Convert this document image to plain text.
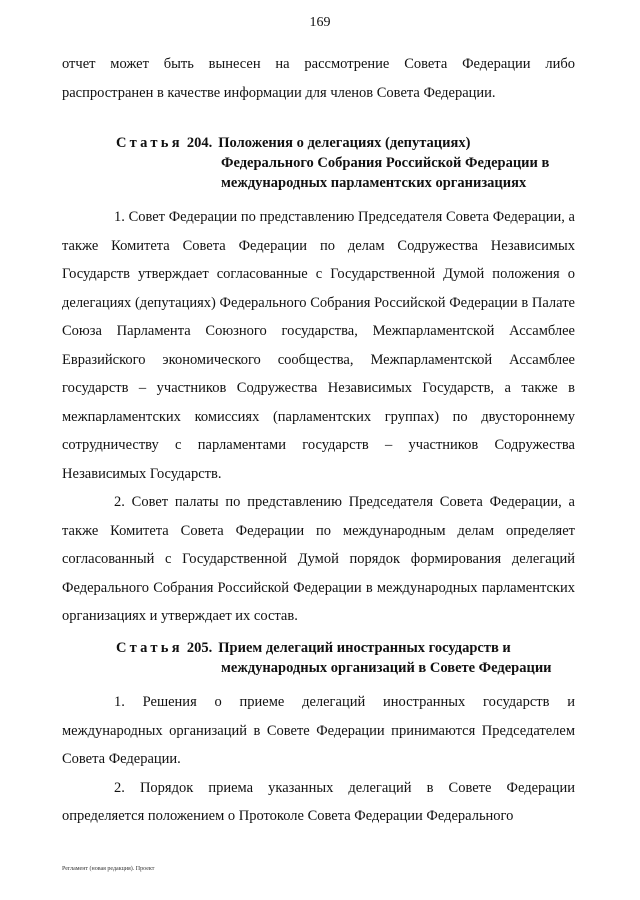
169

отчет может быть вынесен на рассмотрение Совета Федерации либо распространен в качестве информации для членов Совета Федерации.

Статья 204. Положения о делегациях (депутациях)
Федерального Собрания Российской Федерации в
международных парламентских организациях

1. Совет Федерации по представлению Председателя Совета Федерации, а также Комитета Совета Федерации по делам Содружества Независимых Государств утверждает согласованные с Государственной Думой положения о делегациях (депутациях) Федерального Собрания Российской Федерации в Палате Союза Парламента Союзного государства, Межпарламентской Ассамблее Евразийского экономического сообщества, Межпарламентской Ассамблее государств – участников Содружества Независимых Государств, а также в межпарламентских комиссиях (парламентских группах) по двустороннему сотрудничеству с парламентами государств – участников Содружества Независимых Государств.

2. Совет палаты по представлению Председателя Совета Федерации, а также Комитета Совета Федерации по международным делам определяет согласованный с Государственной Думой порядок формирования делегаций Федерального Собрания Российской Федерации в международных парламентских организациях и утверждает их состав.

Статья 205. Прием делегаций иностранных государств и
международных организаций в Совете Федерации

1. Решения о приеме делегаций иностранных государств и международных организаций в Совете Федерации принимаются Председателем Совета Федерации.

2. Порядок приема указанных делегаций в Совете Федерации определяется положением о Протоколе Совета Федерации Федерального

Регламент (новая редакция). Проект
